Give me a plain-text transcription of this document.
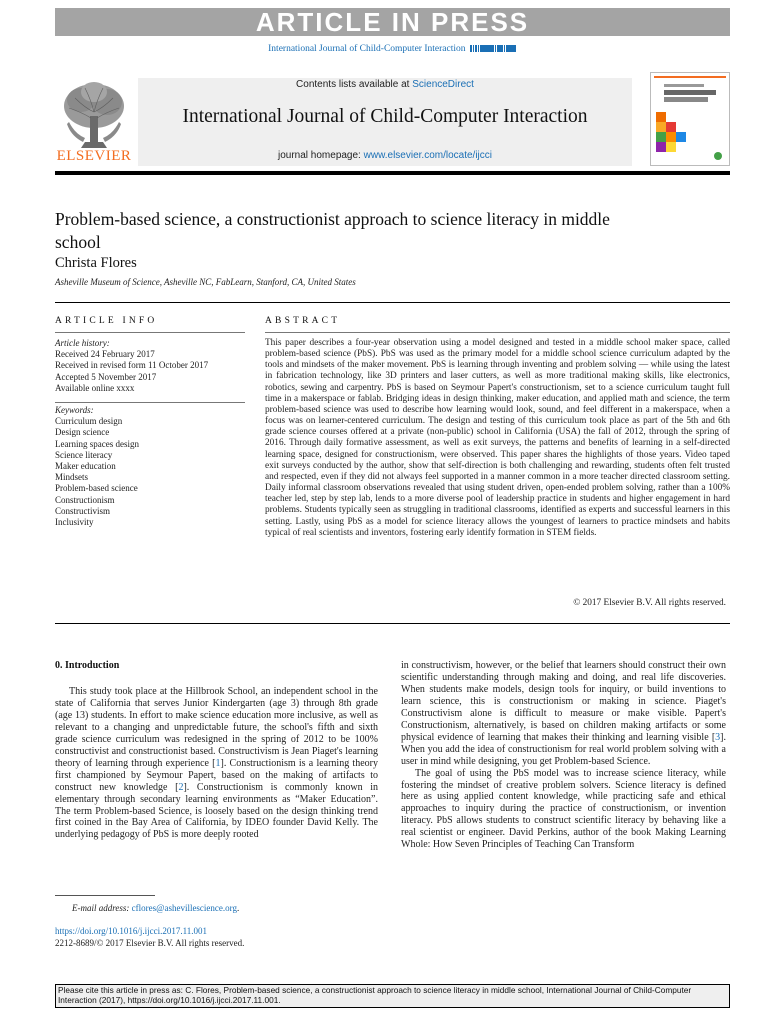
ARTICLE IN PRESS
International Journal of Child-Computer Interaction
ELSEVIER
Contents lists available at ScienceDirect
International Journal of Child-Computer Interaction
journal homepage: www.elsevier.com/locate/ijcci
Problem-based science, a constructionist approach to science literacy in middle school
Christa Flores
Asheville Museum of Science, Asheville NC, FabLearn, Stanford, CA, United States
ARTICLE INFO	ABSTRACT
Article history:
Received 24 February 2017
Received in revised form 11 October 2017
Accepted 5 November 2017
Available online xxxx
Keywords:
Curriculum design
Design science
Learning spaces design
Science literacy
Maker education
Mindsets
Problem-based science
Constructionism
Constructivism
Inclusivity
This paper describes a four-year observation using a model designed and tested in a middle school maker space, called problem-based science (PbS). PbS was used as the primary model for a middle school science curriculum adapted by the tools and mindsets of the maker movement. PbS is learning through inventing and problem solving — while using the latest in fabrication technology, like 3D printers and laser cutters, as well as more traditional making skills, like electronics, robotics, sewing and carpentry. PbS is based on Seymour Papert's constructionism, set to a science curriculum taught full time in a makerspace or fablab. Bridging ideas in design thinking, maker education, and applied math and science, the term problem-based science was used to describe how learning would look, sound, and feel different in a makerspace, when a focus was on learner-centered curriculum. The design and testing of this curriculum took place as part of the 5th and 6th grade science courses offered at a private (non-public) school in California (USA) the fall of 2012, through the spring of 2016. Through daily formative assessment, as well as exit surveys, the patterns and benefits of learning in a self-directed learning space, designed for constructionism, were observed. This paper shares the highlights of those years. Video taped exit surveys conducted by the author, show that self-direction is both challenging and rewarding, students often felt trusted and respected, even if they did not always feel supported in a manner common in a more teacher directed classroom setting. Daily informal classroom observations revealed that using student driven, open-ended problem solving, rather than a 100% teacher led, step by step lab, lends to a more diverse pool of leadership practice in students and higher engagement in hard problems. Students typically seen as struggling in traditional classrooms, identified as experts and successful learners in this setting. Lastly, using PbS as a model for science literacy allows the youngest of learners to practice mindsets and habits typical of real scientists and inventors, fostering early identify formation in STEM fields.
© 2017 Elsevier B.V. All rights reserved.
0. Introduction

This study took place at the Hillbrook School, an independent school in the state of California that serves Junior Kindergarten (age 3) through 8th grade (age 13) students. In effort to make science education more inclusive, as well as relevant to a changing and unpredictable future, the school's fifth and sixth grade science curriculum was redesigned in the spring of 2012 to be 100% constructivist and constructionist based. Constructivism is Jean Piaget's learning theory of learning through experience [1]. Constructionism is a learning theory first championed by Seymour Papert, based on the making of artifacts to construct new knowledge [2]. Constructionism is commonly known in elementary through secondary learning environments as “Maker Education”. The term Problem-based Science, is loosely based on the design thinking trend first coined in the Bay Area of California, by IDEO founder David Kelly. The underlying pedagogy of PbS is more deeply rooted

in constructivism, however, or the belief that learners should construct their own scientific understanding through making and doing, and real life discoveries. When students make models, design tools for inquiry, or build inventions to learn science, this is constructionism or making in science. Piaget's Constructivism alone is difficult to measure or make visible. Papert's Constructionism, alternatively, is based on children making artifacts or some physical evidence of learning that makes their thinking and learning visible [3]. When you add the idea of constructionism for real world problem solving with a user in mind while designing, you get Problem-based Science.

The goal of using the PbS model was to increase science literacy, while fostering the mindset of creative problem solvers. Science literacy is defined here as using applied content knowledge, while practicing safe and ethical approaches to inquiry during the practice of constructionism, or invention literacy. PbS allows students to construct scientific literacy by behaving like a real scientist or engineer. David Perkins, author of the book Making Learning Whole: How Seven Principles of Teaching Can Transform

E-mail address: cflores@ashevillescience.org.
https://doi.org/10.1016/j.ijcci.2017.11.001
2212-8689/© 2017 Elsevier B.V. All rights reserved.
Please cite this article in press as: C. Flores, Problem-based science, a constructionist approach to science literacy in middle school, International Journal of Child-Computer Interaction (2017), https://doi.org/10.1016/j.ijcci.2017.11.001.
